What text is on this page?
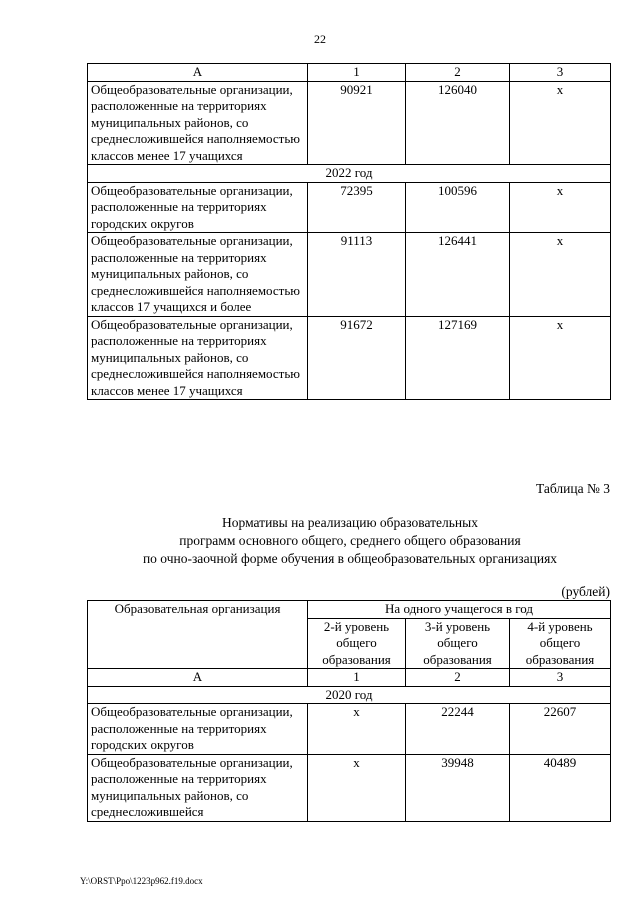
22
А	1	2	3
Общеобразовательные организации, расположенные на территориях муниципальных районов, со среднесложившейся наполняемостью классов менее 17 учащихся	90921	126040	х
2022 год			
Общеобразовательные организации, расположенные на территориях городских округов	72395	100596	х
Общеобразовательные организации, расположенные на территориях муниципальных районов, со среднесложившейся наполняемостью классов 17 учащихся и более	91113	126441	х
Общеобразовательные организации, расположенные на территориях муниципальных районов, со среднесложившейся наполняемостью классов менее 17 учащихся	91672	127169	х
Таблица № 3
Нормативы на реализацию образовательных
программ основного общего, среднего общего образования
по очно-заочной форме обучения в общеобразовательных организациях
(рублей)
Образовательная организация	На одного учащегося в год		
	2-й уровень общего образования	3-й уровень общего образования	4-й уровень общего образования
А	1	2	3
2020 год			
Общеобразовательные организации, расположенные на территориях городских округов	х	22244	22607
Общеобразовательные организации, расположенные на территориях муниципальных районов, со среднесложившейся	х	39948	40489
Y:\ORST\Ppo\1223p962.f19.docx
